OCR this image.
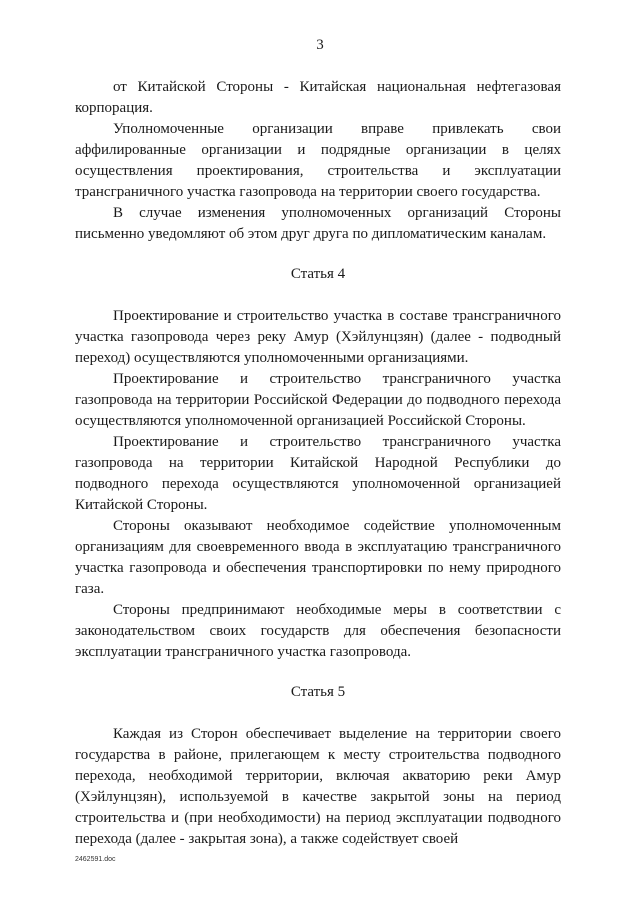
3

от Китайской Стороны - Китайская национальная нефтегазовая корпорация.

Уполномоченные организации вправе привлекать свои аффилированные организации и подрядные организации в целях осуществления проектирования, строительства и эксплуатации трансграничного участка газопровода на территории своего государства.

В случае изменения уполномоченных организаций Стороны письменно уведомляют об этом друг друга по дипломатическим каналам.

Статья 4

Проектирование и строительство участка в составе трансграничного участка газопровода через реку Амур (Хэйлунцзян) (далее - подводный переход) осуществляются уполномоченными организациями.

Проектирование и строительство трансграничного участка газопровода на территории Российской Федерации до подводного перехода осуществляются уполномоченной организацией Российской Стороны.

Проектирование и строительство трансграничного участка газопровода на территории Китайской Народной Республики до подводного перехода осуществляются уполномоченной организацией Китайской Стороны.

Стороны оказывают необходимое содействие уполномоченным организациям для своевременного ввода в эксплуатацию трансграничного участка газопровода и обеспечения транспортировки по нему природного газа.

Стороны предпринимают необходимые меры в соответствии с законодательством своих государств для обеспечения безопасности эксплуатации трансграничного участка газопровода.

Статья 5

Каждая из Сторон обеспечивает выделение на территории своего государства в районе, прилегающем к месту строительства подводного перехода, необходимой территории, включая акваторию реки Амур (Хэйлунцзян), используемой в качестве закрытой зоны на период строительства и (при необходимости) на период эксплуатации подводного перехода (далее - закрытая зона), а также содействует своей

2462591.doc
